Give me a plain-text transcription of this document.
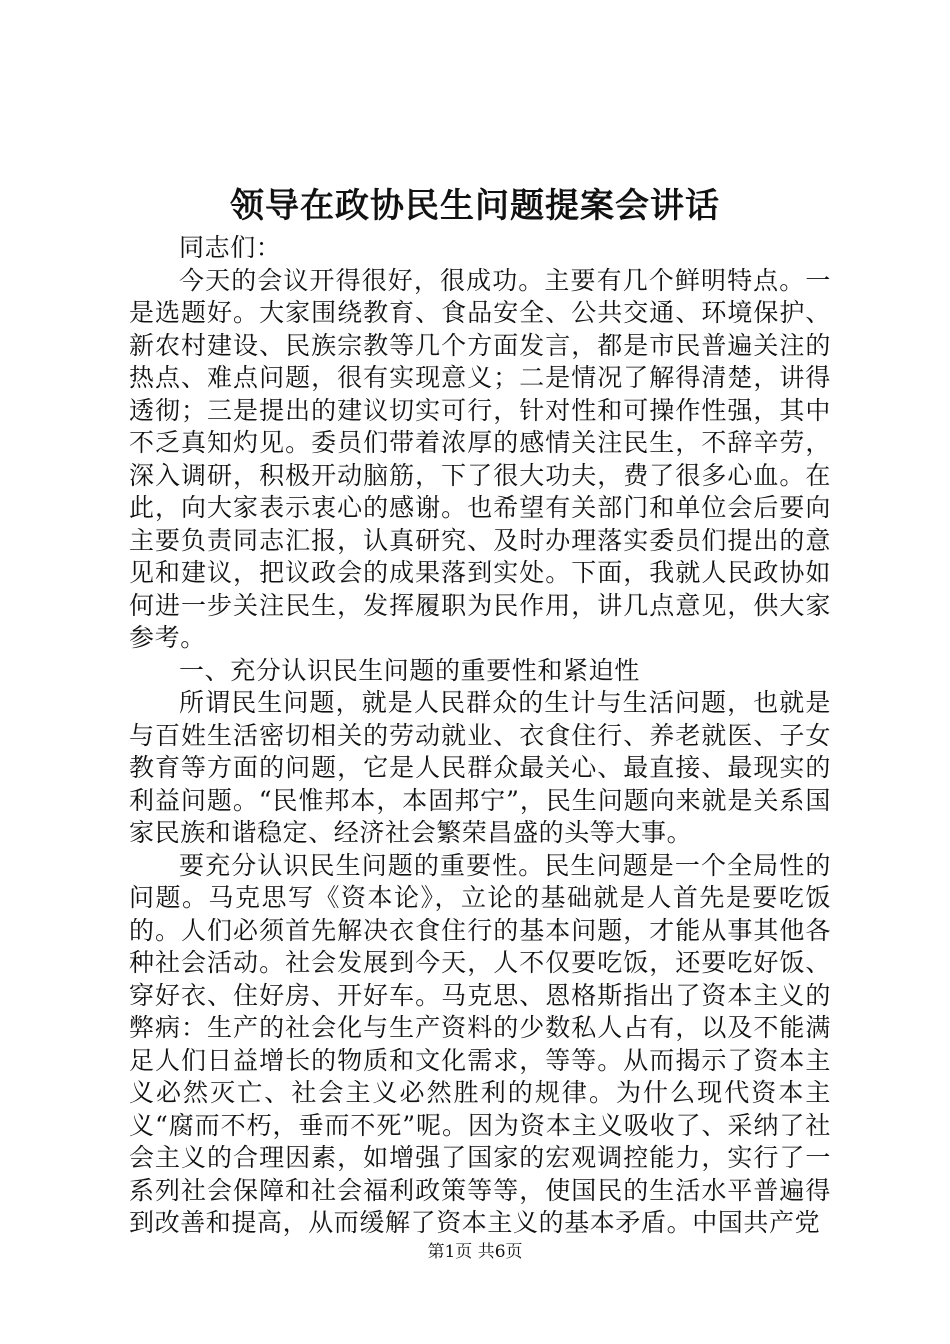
领导在政协民生问题提案会讲话

同志们：

今天的会议开得很好，很成功。主要有几个鲜明特点。一是选题好。大家围绕教育、食品安全、公共交通、环境保护、新农村建设、民族宗教等几个方面发言，都是市民普遍关注的热点、难点问题，很有实现意义；二是情况了解得清楚，讲得透彻；三是提出的建议切实可行，针对性和可操作性强，其中不乏真知灼见。委员们带着浓厚的感情关注民生，不辞辛劳，深入调研，积极开动脑筋，下了很大功夫，费了很多心血。在此，向大家表示衷心的感谢。也希望有关部门和单位会后要向主要负责同志汇报，认真研究、及时办理落实委员们提出的意见和建议，把议政会的成果落到实处。下面，我就人民政协如何进一步关注民生，发挥履职为民作用，讲几点意见，供大家参考。

一、充分认识民生问题的重要性和紧迫性

所谓民生问题，就是人民群众的生计与生活问题，也就是与百姓生活密切相关的劳动就业、衣食住行、养老就医、子女教育等方面的问题，它是人民群众最关心、最直接、最现实的利益问题。“民惟邦本，本固邦宁”，民生问题向来就是关系国家民族和谐稳定、经济社会繁荣昌盛的头等大事。

要充分认识民生问题的重要性。民生问题是一个全局性的问题。马克思写《资本论》，立论的基础就是人首先是要吃饭的。人们必须首先解决衣食住行的基本问题，才能从事其他各种社会活动。社会发展到今天，人不仅要吃饭，还要吃好饭、穿好衣、住好房、开好车。马克思、恩格斯指出了资本主义的弊病：生产的社会化与生产资料的少数私人占有，以及不能满足人们日益增长的物质和文化需求，等等。从而揭示了资本主义必然灭亡、社会主义必然胜利的规律。为什么现代资本主义“腐而不朽，垂而不死”呢。因为资本主义吸收了、采纳了社会主义的合理因素，如增强了国家的宏观调控能力，实行了一系列社会保障和社会福利政策等等，使国民的生活水平普遍得到改善和提高，从而缓解了资本主义的基本矛盾。中国共产党

第1页 共6页
